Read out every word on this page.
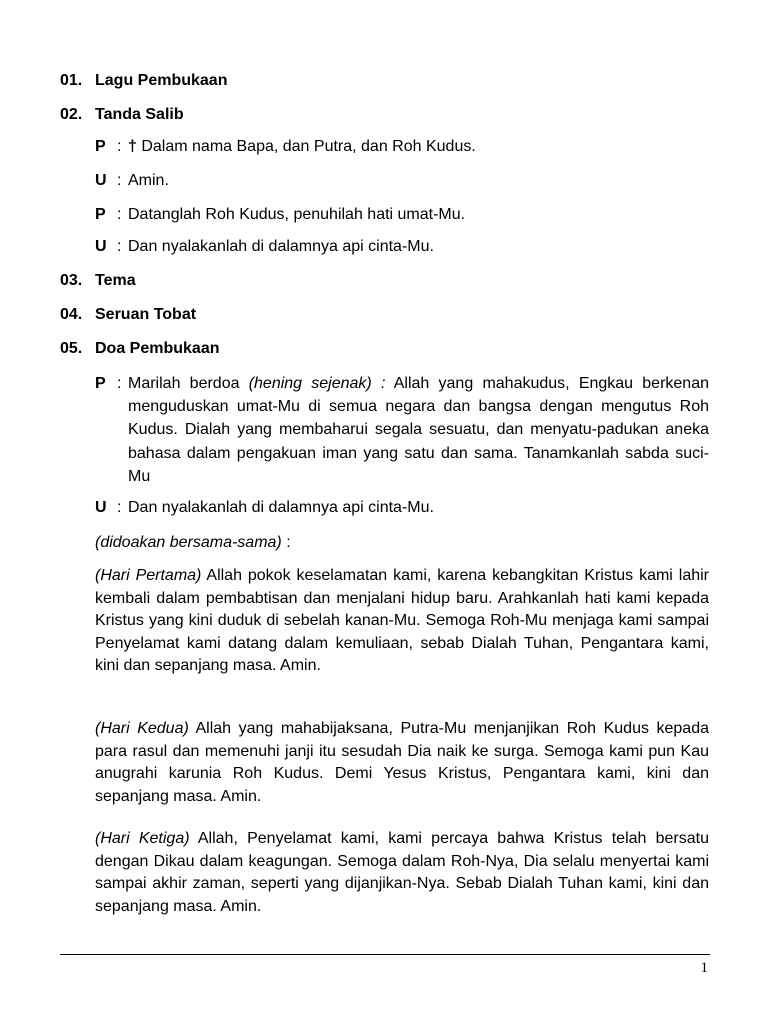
01. Lagu Pembukaan
02. Tanda Salib
P : † Dalam nama Bapa, dan Putra, dan Roh Kudus.
U : Amin.
P : Datanglah Roh Kudus, penuhilah hati umat-Mu.
U : Dan nyalakanlah di dalamnya api cinta-Mu.
03. Tema
04. Seruan Tobat
05. Doa Pembukaan
P : Marilah berdoa (hening sejenak) : Allah yang mahakudus, Engkau berkenan menguduskan umat-Mu di semua negara dan bangsa dengan mengutus Roh Kudus. Dialah yang membaharui segala sesuatu, dan menyatu-padukan aneka bahasa dalam pengakuan iman yang satu dan sama. Tanamkanlah sabda suci-Mu
U : Dan nyalakanlah di dalamnya api cinta-Mu.
(didoakan bersama-sama) :
(Hari Pertama) Allah pokok keselamatan kami, karena kebangkitan Kristus kami lahir kembali dalam pembabtisan dan menjalani hidup baru. Arahkanlah hati kami kepada Kristus yang kini duduk di sebelah kanan-Mu. Semoga Roh-Mu menjaga kami sampai Penyelamat kami datang dalam kemuliaan, sebab Dialah Tuhan, Pengantara kami, kini dan sepanjang masa. Amin.
(Hari Kedua) Allah yang mahabijaksana, Putra-Mu menjanjikan Roh Kudus kepada para rasul dan memenuhi janji itu sesudah Dia naik ke surga. Semoga kami pun Kau anugrahi karunia Roh Kudus. Demi Yesus Kristus, Pengantara kami, kini dan sepanjang masa. Amin.
(Hari Ketiga) Allah, Penyelamat kami, kami percaya bahwa Kristus telah bersatu dengan Dikau dalam keagungan. Semoga dalam Roh-Nya, Dia selalu menyertai kami sampai akhir zaman, seperti yang dijanjikan-Nya. Sebab Dialah Tuhan kami, kini dan sepanjang masa. Amin.
1
